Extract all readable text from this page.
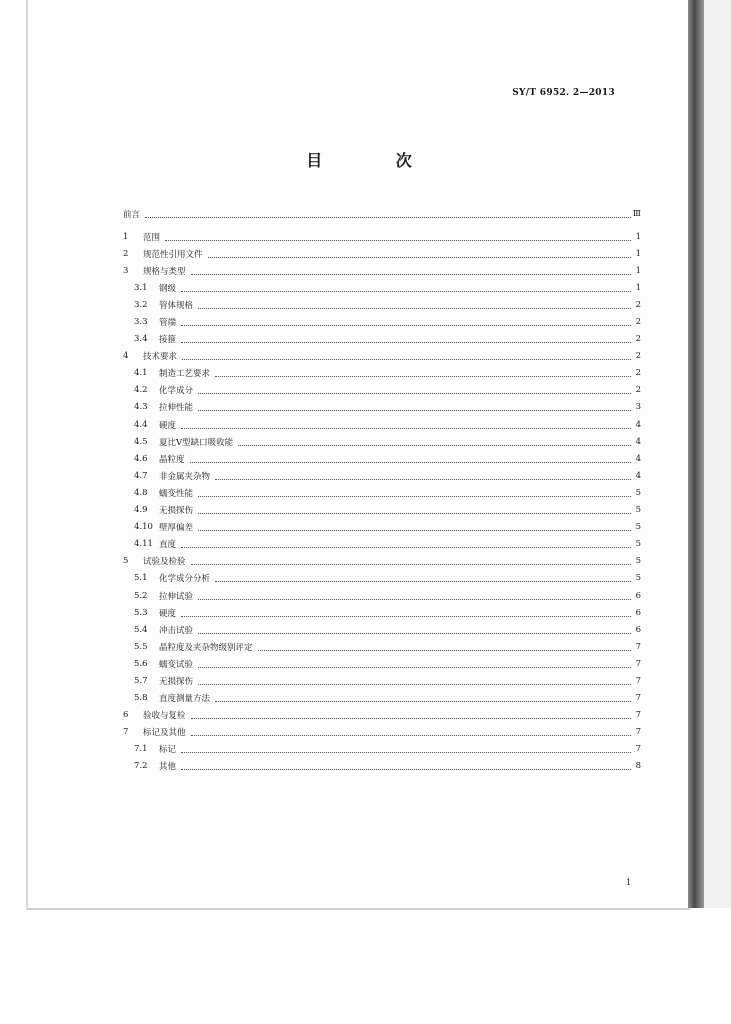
SY/T 6952. 2—2013
目 次
前言	Ⅲ
1	范围	1
2	规范性引用文件	1
3	规格与类型	1
3.1	钢级	1
3.2	管体规格	2
3.3	管端	2
3.4	接箍	2
4	技术要求	2
4.1	制造工艺要求	2
4.2	化学成分	2
4.3	拉伸性能	3
4.4	硬度	4
4.5	夏比V型缺口吸收能	4
4.6	晶粒度	4
4.7	非金属夹杂物	4
4.8	蠕变性能	5
4.9	无损探伤	5
4.10 壁厚偏差	5
4.11 直度	5
5	试验及检验	5
5.1	化学成分分析	5
5.2	拉伸试验	6
5.3	硬度	6
5.4	冲击试验	6
5.5	晶粒度及夹杂物级别评定	7
5.6	蠕变试验	7
5.7	无损探伤	7
5.8	直度测量方法	7
6	验收与复检	7
7	标记及其他	7
7.1	标记	7
7.2	其他	8
1
